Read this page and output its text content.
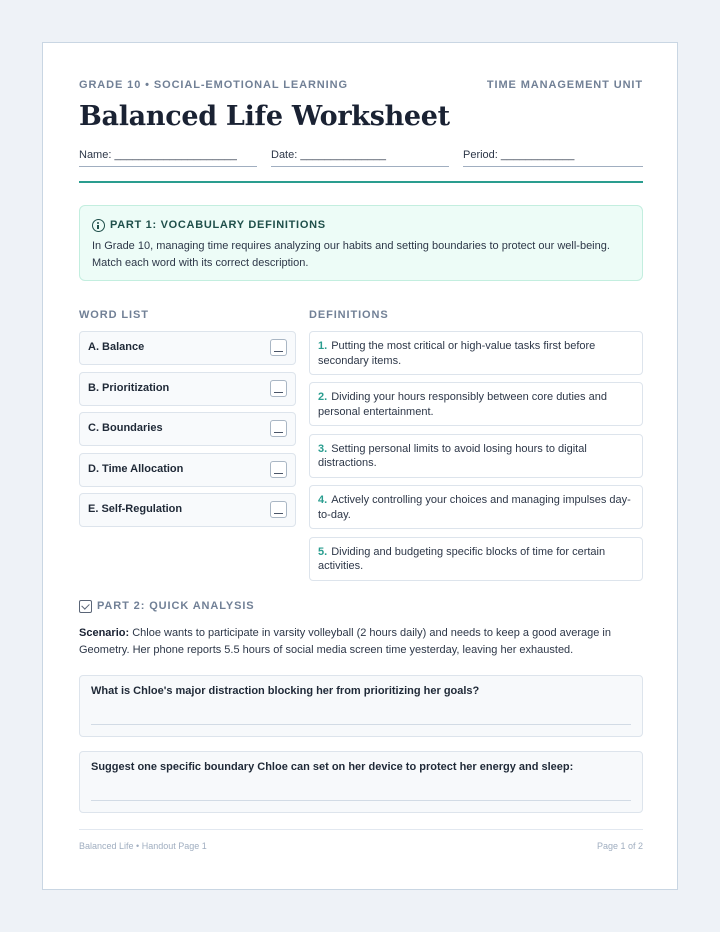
GRADE 10 • SOCIAL-EMOTIONAL LEARNING	TIME MANAGEMENT UNIT
Balanced Life Worksheet
Name: ____________________	Date: ______________	Period: ____________
PART 1: VOCABULARY DEFINITIONS

In Grade 10, managing time requires analyzing our habits and setting boundaries to protect our well-being. Match each word with its correct description.

WORD LIST	DEFINITIONS
A. Balance
B. Prioritization
C. Boundaries
D. Time Allocation
E. Self-Regulation
1. Putting the most critical or high-value tasks first before secondary items.
2. Dividing your hours responsibly between core duties and personal entertainment.
3. Setting personal limits to avoid losing hours to digital distractions.
4. Actively controlling your choices and managing impulses day-to-day.
5. Dividing and budgeting specific blocks of time for certain activities.
PART 2: QUICK ANALYSIS

Scenario: Chloe wants to participate in varsity volleyball (2 hours daily) and needs to keep a good average in Geometry. Her phone reports 5.5 hours of social media screen time yesterday, leaving her exhausted.

What is Chloe's major distraction blocking her from prioritizing her goals?
Suggest one specific boundary Chloe can set on her device to protect her energy and sleep:
Balanced Life • Handout Page 1	Page 1 of 2
